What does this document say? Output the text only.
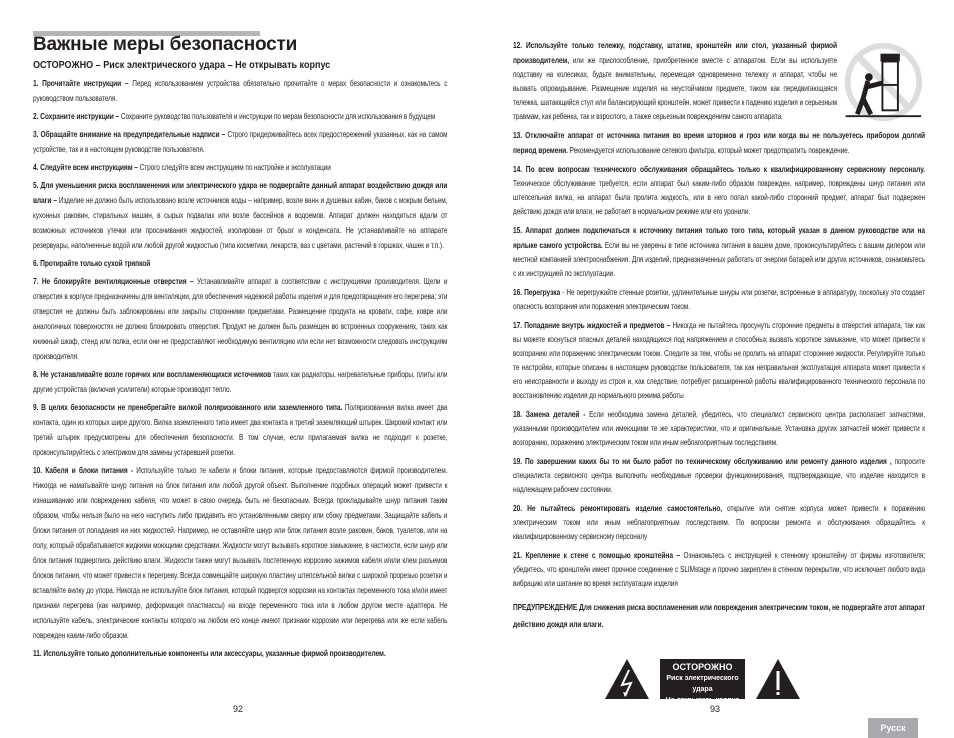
Важные меры безопасности
ОСТОРОЖНО – Риск электрического удара – Не открывать корпус
1. Прочитайте инструкции – Перед использованием устройства обязательно прочитайте о мерах безопасности и ознакомьтесь с руководством пользователя.
2. Сохраните инструкции – Сохраните руководство пользователя и инструкции по мерам безопасности для использования в будущем
3. Обращайте внимание на предупредительные надписи – Строго придерживайтесь всех предостережений указанных, как на самом устройстве, так и в настоящем руководстве пользователя.
4. Следуйте всем инструкциям – Строго следуйте всем инструкциям по настройке и эксплуатации
5. Для уменьшения риска воспламенения или электрического удара не подвергайте данный аппарат воздействию дождя или влаги – Изделие не должно быть использовано возле источников воды – например, возле ванн и душевых кабин, баков с мокрым бельем, кухонных раковин, стиральных машин, в сырых подвалах или возле бассейнов и водоемов. Аппарат должен находиться вдали от возможных источников утечки или просачивания жидкостей, изолирован от брызг и конденсата. Не устанавливайте на аппарате резервуары, наполненные водой или любой другой жидкостью (типа косметики, лекарств, ваз с цветами, растений в горшках, чашек и т.п.).
6. Протирайте только сухой тряпкой
7. Не блокируйте вентиляционные отверстия – Устанавливайте аппарат в соответствии с инструкциями производителя. Щели и отверстия в корпусе предназначены для вентиляции, для обеспечения надежной работы изделия и для предотвращения его перегрева; эти отверстия не должны быть заблокированы или закрыты сторонними предметами. Размещение продукта на кровати, софе, ковре или аналогичных поверхностях не должно блокировать отверстия. Продукт не должен быть размещен во встроенных сооружениях, таких как книжный шкаф, стенд или полка, если они не предоставляют необходимую вентиляцию или если нет возможности следовать инструкциям производителя.
8. Не устанавливайте возле горячих или воспламеняющихся источников таких как радиаторы, нагревательные приборы, плиты или другие устройства (включая усилители) которые производят тепло.
9. В целях безопасности не пренебрегайте вилкой поляризованного или заземленного типа. Поляризованная вилка имеет два контакта, один из которых шире другого. Вилка заземленного типа имеет два контакта и третий заземляющий штырек. Широкий контакт или третий штырек предусмотрены для обеспечения безопасности. В том случае, если прилагаемая вилка не подходит к розетке, проконсультируйтесь с электриком для замены устаревшей розетки.
10. Кабеля и блоки питания - Используйте только те кабели и блоки питания, которые предоставляются фирмой производителем. Никогда не наматывайте шнур питания на блок питания или любой другой объект. Выполнение подобных операций может привести к изнашиванию или повреждению кабеля, что может в свою очередь быть не безопасным. Всегда прокладывайте шнур питания таким образом, чтобы нельзя было на него наступить либо придавить его установленными сверху или сбоку предметами. Защищайте кабель и блоки питания от попадания ни них жидкостей. Например, не оставляйте шнур или блок питания возле раковин, баков, туалетов, или на полу, который обрабатывается жидкими моющими средствами. Жидкости могут вызывать короткое замыкание, в частности, если шнур или блок питания подверглись действию влаги. Жидкости также могут вызывать постепенную коррозию зажимов кабеля и/или клем разъемов блоков питания, что может привести к перегреву. Всегда совмещайте широкую пластину штепсельной вилки с широкой прорезью розетки и вставляйте вилку до упора. Никогда не используйте блок питания, который подвергся коррозии на контактах переменного тока и/или имеет признаки перегрева (как например, деформация пластмассы) на входе переменного тока или в любом другом месте адаптера. Не используйте кабель, электрические контакты которого на любом его конце имеют признаки коррозии или перегрева или же если кабель поврежден каким-либо образом.
11. Используйте только дополнительные компоненты или аксессуары, указанные фирмой производителем.
12. Используйте только тележку, подставку, штатив, кронштейн или стол, указанный фирмой производителем, или же приспособление, приобретенное вместе с аппаратом. Если вы используете подставку на колесиках, будьте внимательны, перемещая одновременно тележку и аппарат, чтобы не вызвать опрокидывание. Размещение изделия на неустойчивом предмете, таком как передвигающаяся тележка, шатающийся стул или балансирующий кронштейн, может привести к падению изделия и серьезным травмам, как ребенка, так и взрослого, а также серьезным повреждениям самого аппарата.
13. Отключайте аппарат от источника питания во время штормов и гроз или когда вы не пользуетесь прибором долгий период времени. Рекомендуется использование сетевого фильтра, который может предотвратить повреждение.
14. По всем вопросам технического обслуживания обращайтесь только к квалифицированному сервисному персоналу. Техническое обслуживание требуется, если аппарат был каким-либо образом поврежден, например, повреждены шнур питания или штепсельная вилка, на аппарат была пролита жидкость, или в него попал какой-либо сторонний предмет, аппарат был подвержен действию дождя или влаги, не работает в нормальном режиме или его уронили.
15. Аппарат должен подключаться к источнику питания только того типа, который указан в данном руководстве или на ярлыке самого устройства. Если вы не уверены в типе источника питания в вашем доме, проконсультируйтесь с вашим дилером или местной компанией электроснабжения. Для изделий, предназначенных работать от энергии батарей или других источников, ознакомьтесь с их инструкцией по эксплуатации.
16. Перегрузка - Не перегружайте стенные розетки, удлинительные шнуры или розетки, встроенные в аппаратуру, поскольку это создает опасность возгорания или поражения электрическим током.
17. Попадание внутрь жидкостей и предметов – Никогда не пытайтесь просунуть сторонние предметы в отверстия аппарата, так как вы можете коснуться опасных деталей находящихся под напряжением и способных вызвать короткое замыкание, что может привести к возгоранию или поражению электрическим током. Следите за тем, чтобы не пролить на аппарат сторонние жидкости. Регулируйте только те настройки, которые описаны в настоящем руководстве пользователя, так как неправильная эксплуатация аппарата может привести к его неисправности и выходу из строя и, как следствие, потребует расширенной работы квалифицированного технического персонала по восстановлению изделия до нормального режима работы
18. Замена деталей - Если необходима замена деталей, убедитесь, что специалист сервисного центра располагает запчастями, указанными производителем или имеющими те же характеристики, что и оригинальные. Установка других запчастей может привести к возгоранию, поражению электрическим током или иным неблагоприятным последствиям.
19. По завершении каких бы то ни было работ по техническому обслуживанию или ремонту данного изделия , попросите специалиста сервисного центра выполнить необходимые проверки функционирования, подтверждающие, что изделие находится в надлежащем рабочем состоянии.
20. Не пытайтесь ремонтировать изделие самостоятельно, открытие или снятие корпуса может привести к поражению электрическим током или иным неблагоприятным последствиям. По вопросам ремонта и обслуживания обращайтесь к квалифицированному сервисному персоналу
21. Крепление к стене с помощью кронштейна – Ознакомьтесь с инструкцией к стенному кронштейну от фирмы изготовителя; убедитесь, что кронштейн имеет прочное соединение с SLIMstage и прочно закреплен в стенном перекрытии, что исключает любого вида вибрацию или шатание во время эксплуатации изделия
ПРЕДУПРЕЖДЕНИЕ Для снижения риска воспламенения или повреждения электрическим током, не подвергайте этот аппарат действию дождя или влаги.
ОСТОРОЖНО
Риск электрического удара
Не открывать корпус
92	93
Русск
